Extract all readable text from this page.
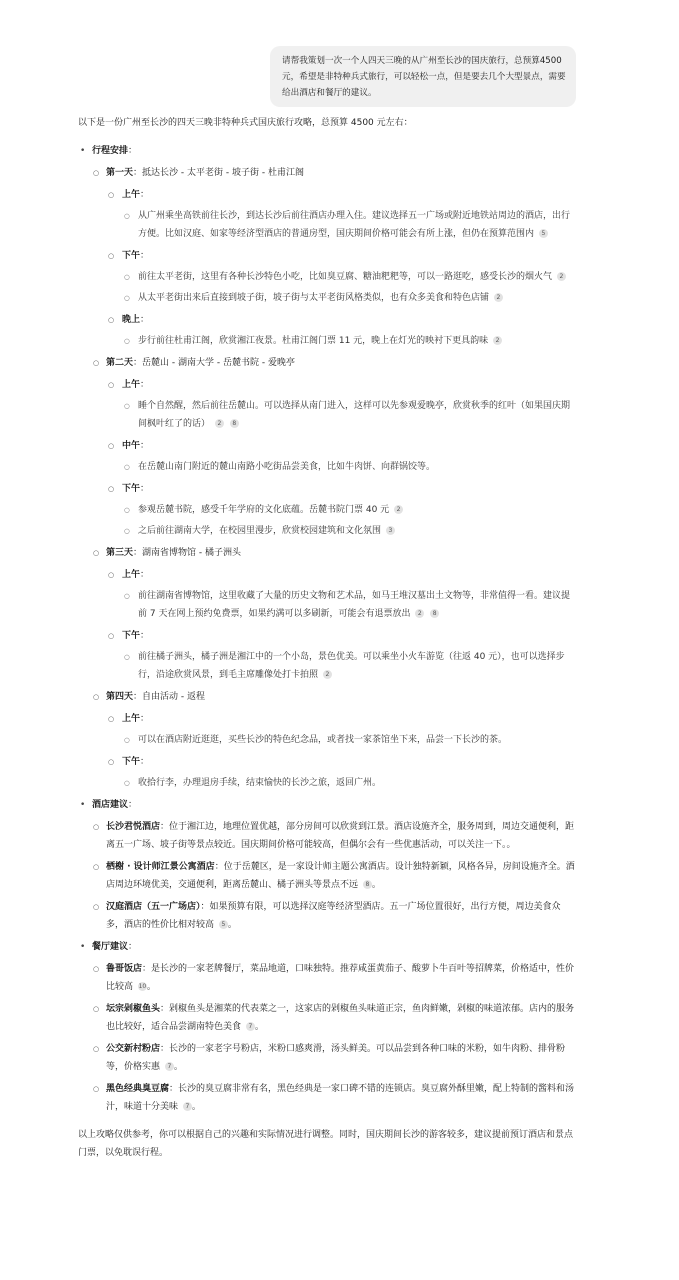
请帮我策划一次一个人四天三晚的从广州至长沙的国庆旅行，总预算4500元，希望是非特种兵式旅行，可以轻松一点，但是要去几个大型景点，需要给出酒店和餐厅的建议。

以下是一份广州至长沙的四天三晚非特种兵式国庆旅行攻略，总预算 4500 元左右：

• 行程安排：
○ 第一天：抵达长沙 - 太平老街 - 坡子街 - 杜甫江阁
○ 上午：
○ 从广州乘坐高铁前往长沙，到达长沙后前往酒店办理入住。建议选择五一广场或附近地铁站周边的酒店，出行方便。比如汉庭、如家等经济型酒店的普通房型，国庆期间价格可能会有所上涨，但仍在预算范围内 5
○ 下午：
○ 前往太平老街，这里有各种长沙特色小吃，比如臭豆腐、糖油粑粑等，可以一路逛吃，感受长沙的烟火气 2
○ 从太平老街出来后直接到坡子街，坡子街与太平老街风格类似，也有众多美食和特色店铺 2
○ 晚上：
○ 步行前往杜甫江阁，欣赏湘江夜景。杜甫江阁门票 11 元，晚上在灯光的映衬下更具韵味 2
○ 第二天：岳麓山 - 湖南大学 - 岳麓书院 - 爱晚亭
○ 上午：
○ 睡个自然醒，然后前往岳麓山。可以选择从南门进入，这样可以先参观爱晚亭，欣赏秋季的红叶（如果国庆期间枫叶红了的话） 2 8
○ 中午：
○ 在岳麓山南门附近的麓山南路小吃街品尝美食，比如牛肉饼、向群锅饺等。
○ 下午：
○ 参观岳麓书院，感受千年学府的文化底蕴。岳麓书院门票 40 元 2
○ 之后前往湖南大学，在校园里漫步，欣赏校园建筑和文化氛围 3
○ 第三天：湖南省博物馆 - 橘子洲头
○ 上午：
○ 前往湖南省博物馆，这里收藏了大量的历史文物和艺术品，如马王堆汉墓出土文物等，非常值得一看。建议提前 7 天在网上预约免费票，如果约满可以多刷新，可能会有退票放出 2 8
○ 下午：
○ 前往橘子洲头，橘子洲是湘江中的一个小岛，景色优美。可以乘坐小火车游览（往返 40 元），也可以选择步行，沿途欣赏风景，到毛主席雕像处打卡拍照 2
○ 第四天：自由活动 - 返程
○ 上午：
○ 可以在酒店附近逛逛，买些长沙的特色纪念品，或者找一家茶馆坐下来，品尝一下长沙的茶。
○ 下午：
○ 收拾行李，办理退房手续，结束愉快的长沙之旅，返回广州。
• 酒店建议：
○ 长沙君悦酒店：位于湘江边，地理位置优越，部分房间可以欣赏到江景。酒店设施齐全，服务周到，周边交通便利，距离五一广场、坡子街等景点较近。国庆期间价格可能较高，但偶尔会有一些优惠活动，可以关注一下。。
○ 栖榭 · 设计师江景公寓酒店：位于岳麓区，是一家设计师主题公寓酒店。设计独特新颖，风格各异，房间设施齐全。酒店周边环境优美，交通便利，距离岳麓山、橘子洲头等景点不远 8 。
○ 汉庭酒店（五一广场店）：如果预算有限，可以选择汉庭等经济型酒店。五一广场位置很好，出行方便，周边美食众多，酒店的性价比相对较高 5 。
• 餐厅建议：
○ 鲁哥饭店：是长沙的一家老牌餐厅，菜品地道，口味独特。推荐咸蛋黄茄子、酸萝卜牛百叶等招牌菜，价格适中，性价比较高 10。
○ 坛宗剁椒鱼头：剁椒鱼头是湘菜的代表菜之一，这家店的剁椒鱼头味道正宗，鱼肉鲜嫩，剁椒的味道浓郁。店内的服务也比较好，适合品尝湖南特色美食 7 。
○ 公交新村粉店：长沙的一家老字号粉店，米粉口感爽滑，汤头鲜美。可以品尝到各种口味的米粉，如牛肉粉、排骨粉等，价格实惠 7 。
○ 黑色经典臭豆腐：长沙的臭豆腐非常有名，黑色经典是一家口碑不错的连锁店。臭豆腐外酥里嫩，配上特制的酱料和汤汁，味道十分美味 7 。

以上攻略仅供参考，你可以根据自己的兴趣和实际情况进行调整。同时，国庆期间长沙的游客较多，建议提前预订酒店和景点门票，以免耽误行程。
